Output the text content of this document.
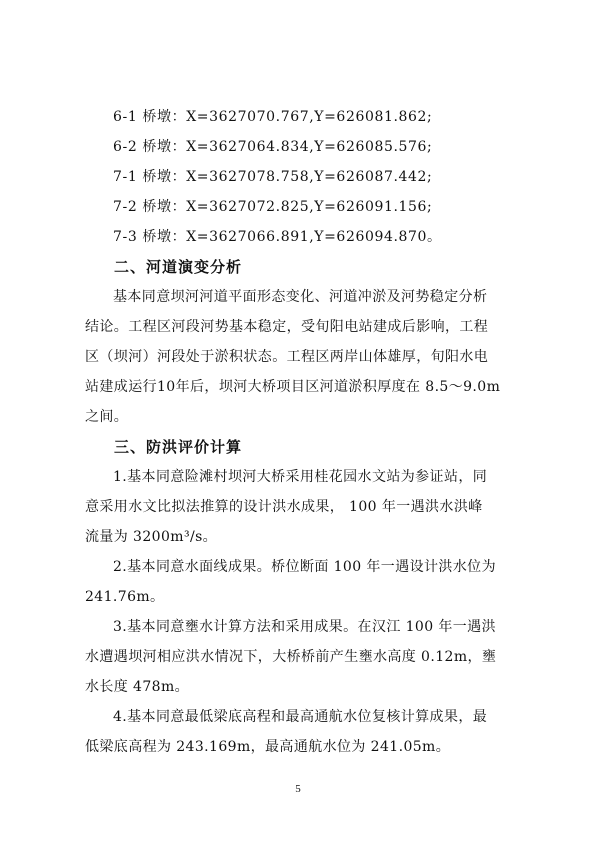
6-1 桥墩：X=3627070.767,Y=626081.862;
6-2 桥墩：X=3627064.834,Y=626085.576;
7-1 桥墩：X=3627078.758,Y=626087.442;
7-2 桥墩：X=3627072.825,Y=626091.156;
7-3 桥墩：X=3627066.891,Y=626094.870。
二、河道演变分析
基本同意坝河河道平面形态变化、河道冲淤及河势稳定分析
结论。工程区河段河势基本稳定，受旬阳电站建成后影响，工程
区（坝河）河段处于淤积状态。工程区两岸山体雄厚，旬阳水电
站建成运行10年后，坝河大桥项目区河道淤积厚度在 8.5～9.0m
之间。
三、防洪评价计算
1.基本同意险滩村坝河大桥采用桂花园水文站为参证站，同
意采用水文比拟法推算的设计洪水成果， 100 年一遇洪水洪峰
流量为 3200m³/s。
2.基本同意水面线成果。桥位断面 100 年一遇设计洪水位为
241.76m。
3.基本同意壅水计算方法和采用成果。在汉江 100 年一遇洪
水遭遇坝河相应洪水情况下，大桥桥前产生壅水高度 0.12m，壅
水长度 478m。
4.基本同意最低梁底高程和最高通航水位复核计算成果，最
低梁底高程为 243.169m，最高通航水位为 241.05m。
5
